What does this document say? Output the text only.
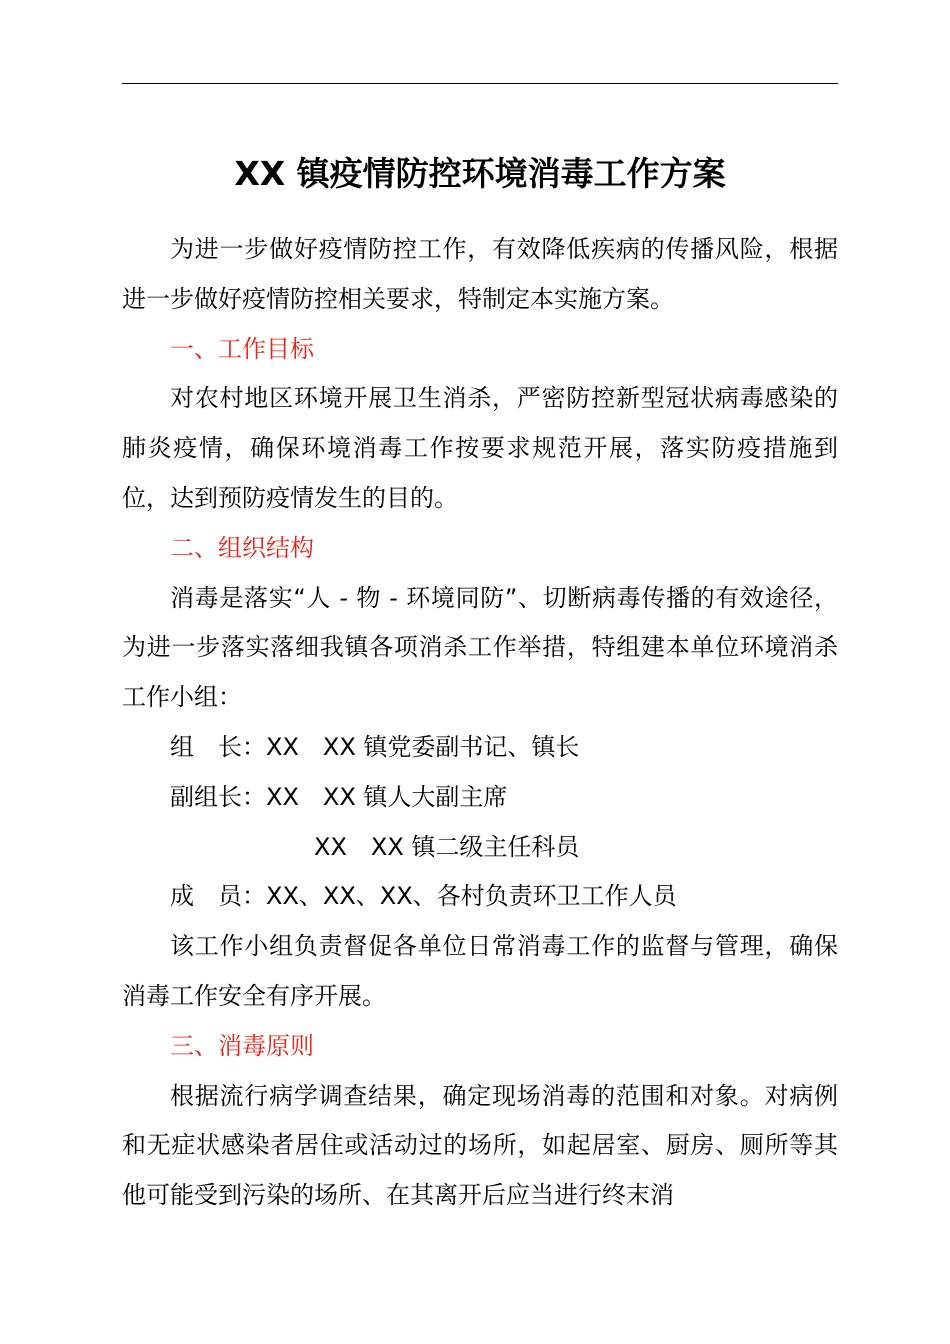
XX 镇疫情防控环境消毒工作方案

为进一步做好疫情防控工作，有效降低疾病的传播风险，根据进一步做好疫情防控相关要求，特制定本实施方案。

一、工作目标

对农村地区环境开展卫生消杀，严密防控新型冠状病毒感染的肺炎疫情，确保环境消毒工作按要求规范开展，落实防疫措施到位，达到预防疫情发生的目的。

二、组织结构

消毒是落实“人 - 物 - 环境同防”、切断病毒传播的有效途径，为进一步落实落细我镇各项消杀工作举措，特组建本单位环境消杀工作小组：

组　长：XX　XX 镇党委副书记、镇长

副组长：XX　XX 镇人大副主席

XX　XX 镇二级主任科员

成　员：XX、XX、XX、各村负责环卫工作人员

该工作小组负责督促各单位日常消毒工作的监督与管理，确保消毒工作安全有序开展。

三、消毒原则

根据流行病学调查结果，确定现场消毒的范围和对象。对病例和无症状感染者居住或活动过的场所，如起居室、厨房、厕所等其他可能受到污染的场所、在其离开后应当进行终末消
